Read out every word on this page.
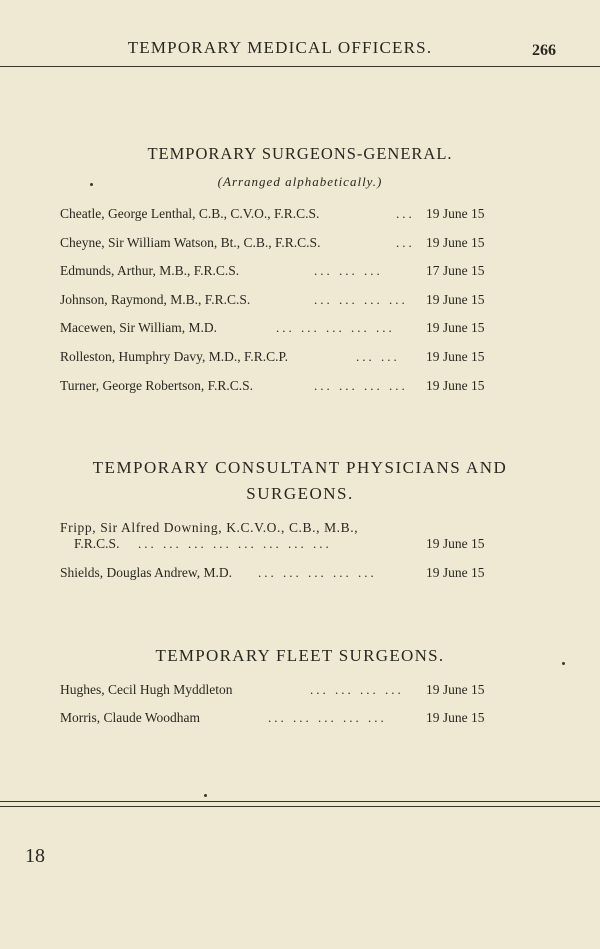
TEMPORARY MEDICAL OFFICERS.	266
TEMPORARY SURGEONS-GENERAL.
(Arranged alphabetically.)
Cheatle, George Lenthal, C.B., C.V.O., F.R.C.S.	... 19 June 15
Cheyne, Sir William Watson, Bt., C.B., F.R.C.S.	... 19 June 15
Edmunds, Arthur, M.B., F.R.C.S.	... ... ...	17 June 15
Johnson, Raymond, M.B., F.R.C.S.	... ... ... ... 19 June 15
Macewen, Sir William, M.D.	... ... ... ... ... 19 June 15
Rolleston, Humphry Davy, M.D., F.R.C.P.	... ... 19 June 15
Turner, George Robertson, F.R.C.S.	... ... ... ... 19 June 15
TEMPORARY CONSULTANT PHYSICIANS AND
SURGEONS.
Fripp, Sir Alfred Downing, K.C.V.O., C.B., M.B.,
F.R.C.S. ... ... ... ... ... ... ... ...	19 June 15
Shields, Douglas Andrew, M.D. ... ... ... ... ...	19 June 15
TEMPORARY FLEET SURGEONS.
Hughes, Cecil Hugh Myddleton	... ... ... ... 19 June 15
Morris, Claude Woodham	... ... ... ... ...	19 June 15
18
